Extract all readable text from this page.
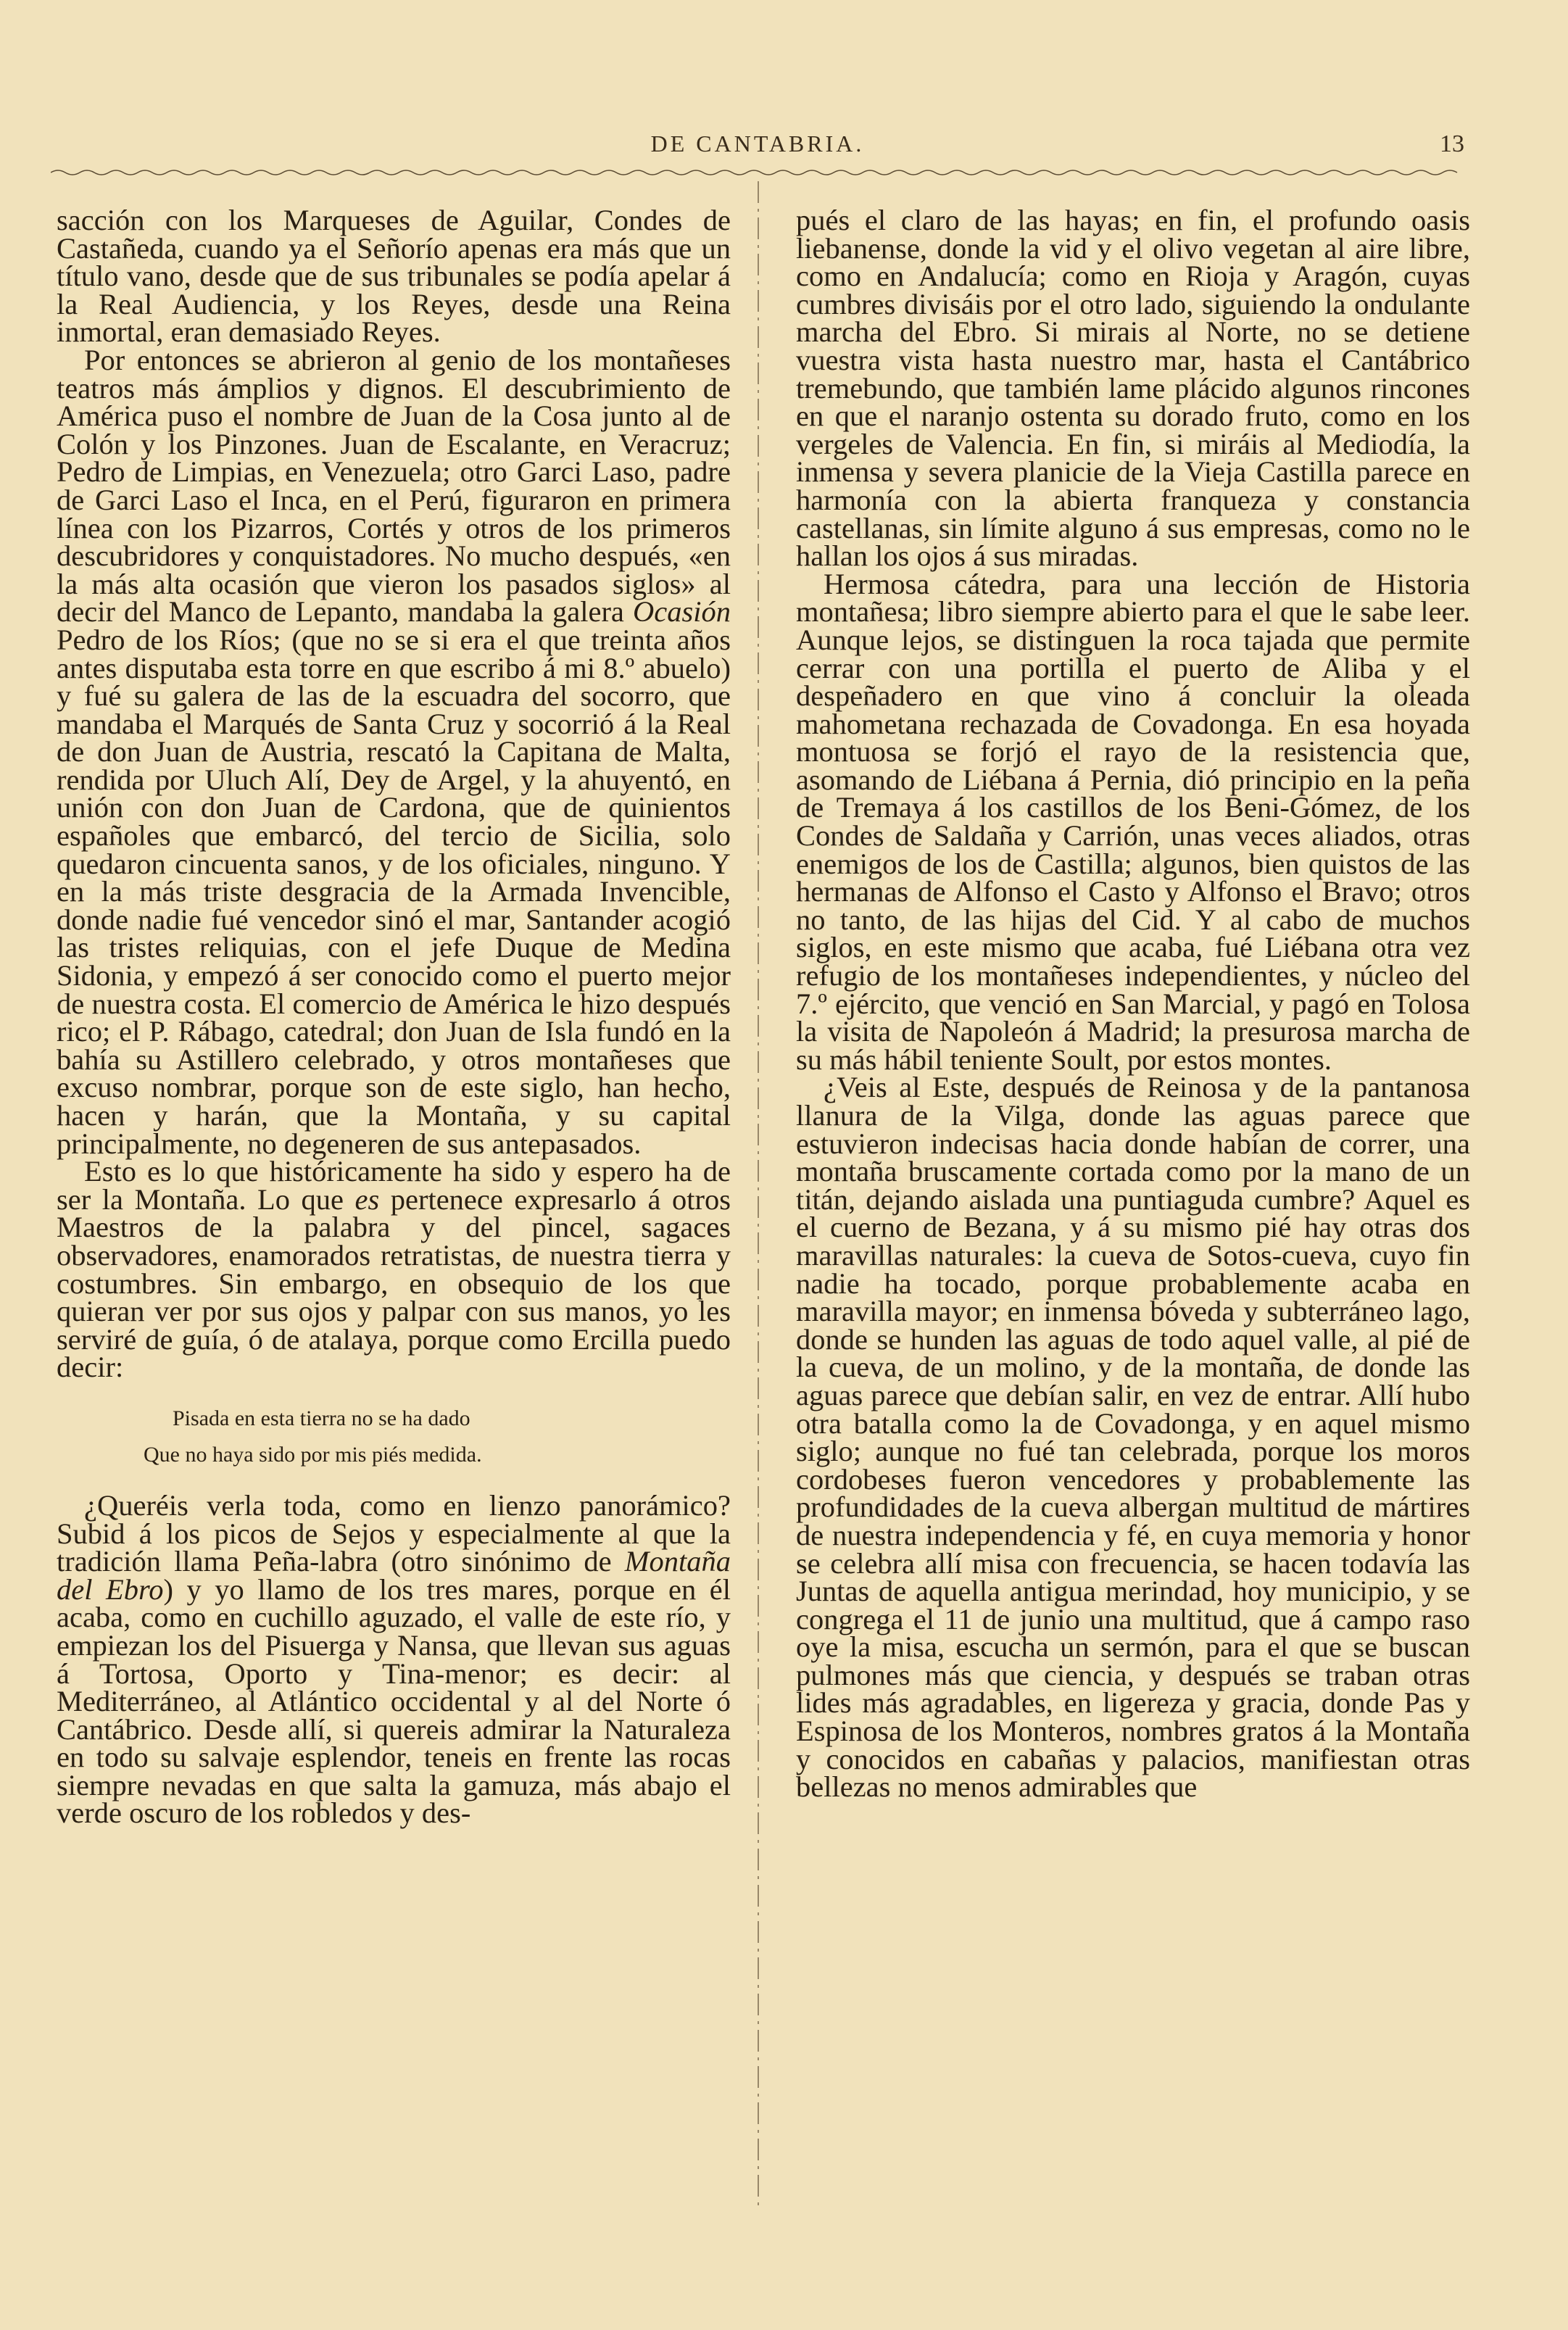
DE CANTABRIA.	13

sacción con los Marqueses de Aguilar, Condes de Castañeda, cuando ya el Señorío apenas era más que un título vano, desde que de sus tribunales se podía apelar á la Real Audiencia, y los Reyes, desde una Reina inmortal, eran demasiado Reyes.

Por entonces se abrieron al genio de los montañeses teatros más ámplios y dignos. El descubrimiento de América puso el nombre de Juan de la Cosa junto al de Colón y los Pinzones. Juan de Escalante, en Veracruz; Pedro de Limpias, en Venezuela; otro Garci Laso, padre de Garci Laso el Inca, en el Perú, figuraron en primera línea con los Pizarros, Cortés y otros de los primeros descubridores y conquistadores. No mucho después, «en la más alta ocasión que vieron los pasados siglos» al decir del Manco de Lepanto, mandaba la galera Ocasión Pedro de los Ríos; (que no se si era el que treinta años antes disputaba esta torre en que escribo á mi 8.º abuelo) y fué su galera de las de la escuadra del socorro, que mandaba el Marqués de Santa Cruz y socorrió á la Real de don Juan de Austria, rescató la Capitana de Malta, rendida por Uluch Alí, Dey de Argel, y la ahuyentó, en unión con don Juan de Cardona, que de quinientos españoles que embarcó, del tercio de Sicilia, solo quedaron cincuenta sanos, y de los oficiales, ninguno. Y en la más triste desgracia de la Armada Invencible, donde nadie fué vencedor sinó el mar, Santander acogió las tristes reliquias, con el jefe Duque de Medina Sidonia, y empezó á ser conocido como el puerto mejor de nuestra costa. El comercio de América le hizo después rico; el P. Rábago, catedral; don Juan de Isla fundó en la bahía su Astillero celebrado, y otros montañeses que excuso nombrar, porque son de este siglo, han hecho, hacen y harán, que la Montaña, y su capital principalmente, no degeneren de sus antepasados.

Esto es lo que históricamente ha sido y espero ha de ser la Montaña. Lo que es pertenece expresarlo á otros Maestros de la palabra y del pincel, sagaces observadores, enamorados retratistas, de nuestra tierra y costumbres. Sin embargo, en obsequio de los que quieran ver por sus ojos y palpar con sus manos, yo les serviré de guía, ó de atalaya, porque como Ercilla puedo decir:

Pisada en esta tierra no se ha dado
Que no haya sido por mis piés medida.

¿Queréis verla toda, como en lienzo panorámico? Subid á los picos de Sejos y especialmente al que la tradición llama Peña-labra (otro sinónimo de Montaña del Ebro) y yo llamo de los tres mares, porque en él acaba, como en cuchillo aguzado, el valle de este río, y empiezan los del Pisuerga y Nansa, que llevan sus aguas á Tortosa, Oporto y Tina-menor; es decir: al Mediterráneo, al Atlántico occidental y al del Norte ó Cantábrico. Desde allí, si quereis admirar la Naturaleza en todo su salvaje esplendor, teneis en frente las rocas siempre nevadas en que salta la gamuza, más abajo el verde oscuro de los robledos y des-

pués el claro de las hayas; en fin, el profundo oasis liebanense, donde la vid y el olivo vegetan al aire libre, como en Andalucía; como en Rioja y Aragón, cuyas cumbres divisáis por el otro lado, siguiendo la ondulante marcha del Ebro. Si mirais al Norte, no se detiene vuestra vista hasta nuestro mar, hasta el Cantábrico tremebundo, que también lame plácido algunos rincones en que el naranjo ostenta su dorado fruto, como en los vergeles de Valencia. En fin, si miráis al Mediodía, la inmensa y severa planicie de la Vieja Castilla parece en harmonía con la abierta franqueza y constancia castellanas, sin límite alguno á sus empresas, como no le hallan los ojos á sus miradas.

Hermosa cátedra, para una lección de Historia montañesa; libro siempre abierto para el que le sabe leer. Aunque lejos, se distinguen la roca tajada que permite cerrar con una portilla el puerto de Aliba y el despeñadero en que vino á concluir la oleada mahometana rechazada de Covadonga. En esa hoyada montuosa se forjó el rayo de la resistencia que, asomando de Liébana á Pernia, dió principio en la peña de Tremaya á los castillos de los Beni-Gómez, de los Condes de Saldaña y Carrión, unas veces aliados, otras enemigos de los de Castilla; algunos, bien quistos de las hermanas de Alfonso el Casto y Alfonso el Bravo; otros no tanto, de las hijas del Cid. Y al cabo de muchos siglos, en este mismo que acaba, fué Liébana otra vez refugio de los montañeses independientes, y núcleo del 7.º ejército, que venció en San Marcial, y pagó en Tolosa la visita de Napoleón á Madrid; la presurosa marcha de su más hábil teniente Soult, por estos montes.

¿Veis al Este, después de Reinosa y de la pantanosa llanura de la Vilga, donde las aguas parece que estuvieron indecisas hacia donde habían de correr, una montaña bruscamente cortada como por la mano de un titán, dejando aislada una puntiaguda cumbre? Aquel es el cuerno de Bezana, y á su mismo pié hay otras dos maravillas naturales: la cueva de Sotos-cueva, cuyo fin nadie ha tocado, porque probablemente acaba en maravilla mayor; en inmensa bóveda y subterráneo lago, donde se hunden las aguas de todo aquel valle, al pié de la cueva, de un molino, y de la montaña, de donde las aguas parece que debían salir, en vez de entrar. Allí hubo otra batalla como la de Covadonga, y en aquel mismo siglo; aunque no fué tan celebrada, porque los moros cordobeses fueron vencedores y probablemente las profundidades de la cueva albergan multitud de mártires de nuestra independencia y fé, en cuya memoria y honor se celebra allí misa con frecuencia, se hacen todavía las Juntas de aquella antigua merindad, hoy municipio, y se congrega el 11 de junio una multitud, que á campo raso oye la misa, escucha un sermón, para el que se buscan pulmones más que ciencia, y después se traban otras lides más agradables, en ligereza y gracia, donde Pas y Espinosa de los Monteros, nombres gratos á la Montaña y conocidos en cabañas y palacios, manifiestan otras bellezas no menos admirables que
